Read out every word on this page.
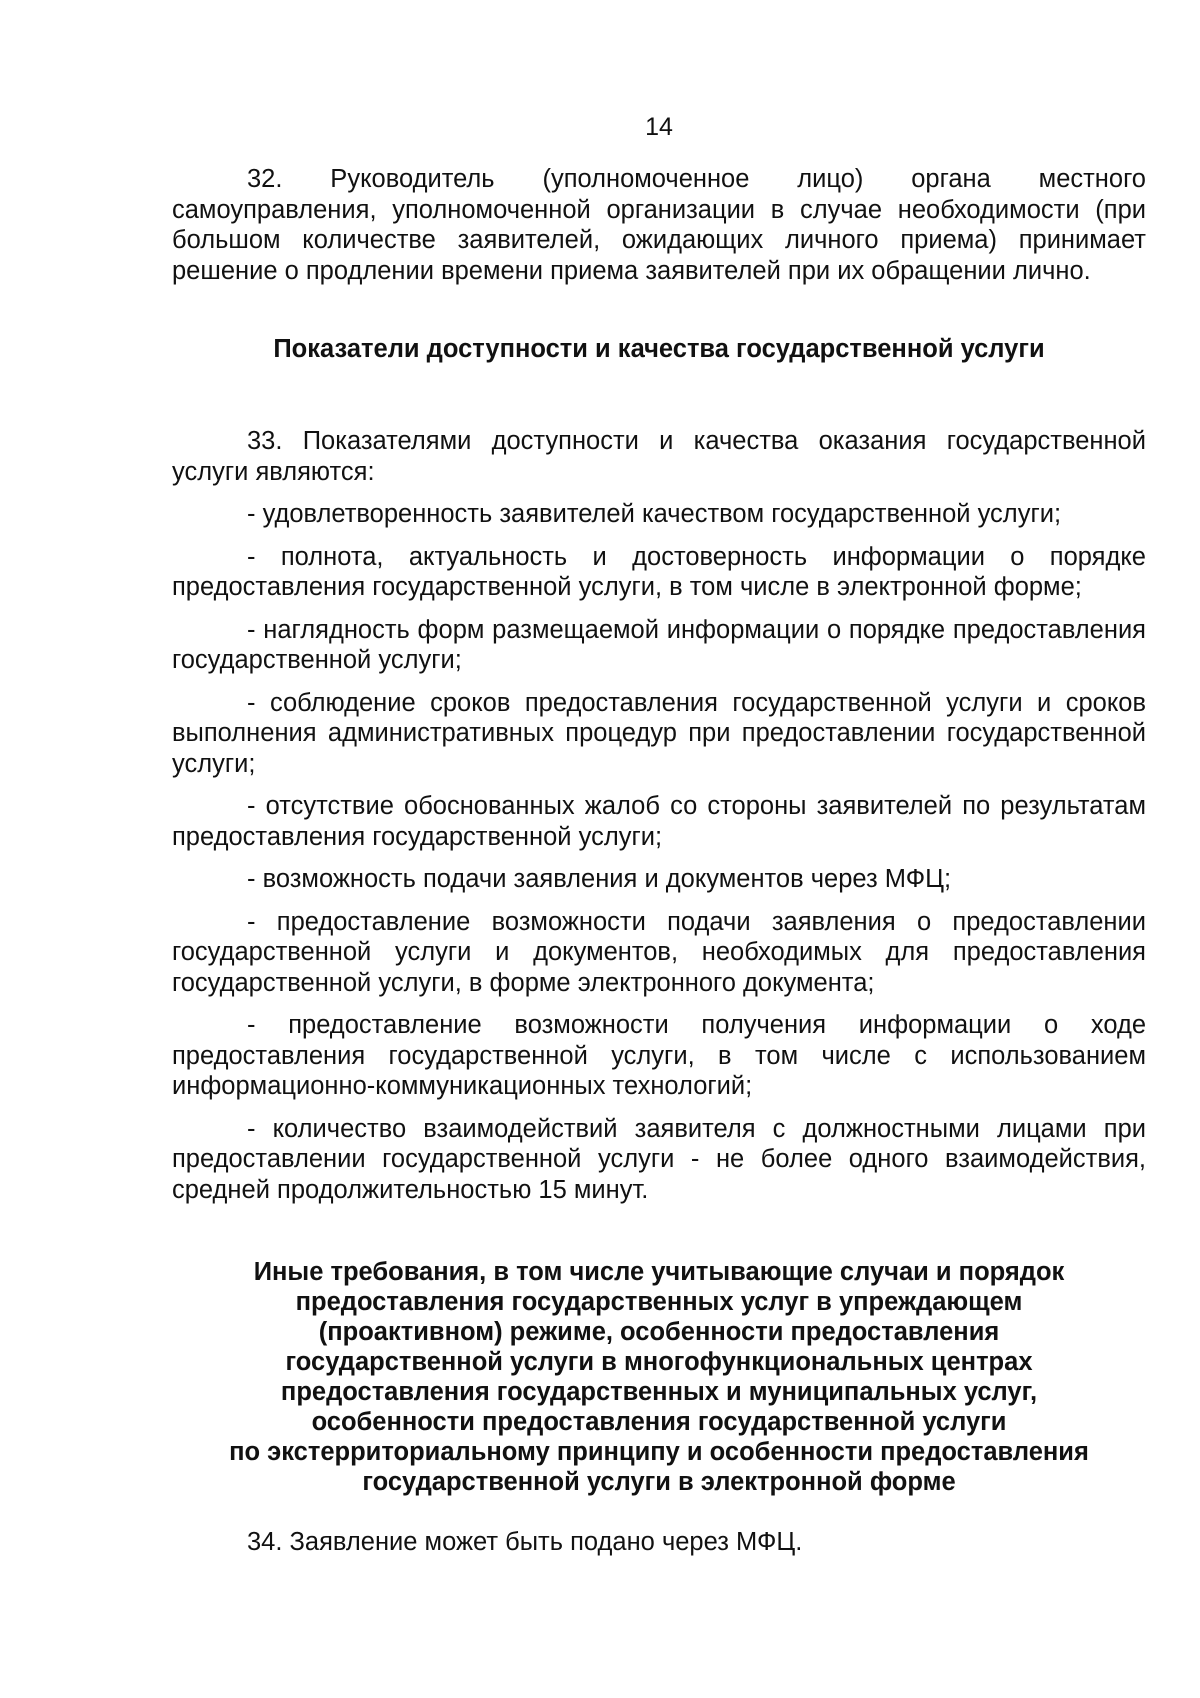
14

32. Руководитель (уполномоченное лицо) органа местного самоуправления, уполномоченной организации в случае необходимости (при большом количестве заявителей, ожидающих личного приема) принимает решение о продлении времени приема заявителей при их обращении лично.

Показатели доступности и качества государственной услуги

33. Показателями доступности и качества оказания государственной услуги являются:

- удовлетворенность заявителей качеством государственной услуги;
- полнота, актуальность и достоверность информации о порядке предоставления государственной услуги, в том числе в электронной форме;
- наглядность форм размещаемой информации о порядке предоставления государственной услуги;
- соблюдение сроков предоставления государственной услуги и сроков выполнения административных процедур при предоставлении государственной услуги;
- отсутствие обоснованных жалоб со стороны заявителей по результатам предоставления государственной услуги;
- возможность подачи заявления и документов через МФЦ;
- предоставление возможности подачи заявления о предоставлении государственной услуги и документов, необходимых для предоставления государственной услуги, в форме электронного документа;
- предоставление возможности получения информации о ходе предоставления государственной услуги, в том числе с использованием информационно-коммуникационных технологий;
- количество взаимодействий заявителя с должностными лицами при предоставлении государственной услуги - не более одного взаимодействия, средней продолжительностью 15 минут.
Иные требования, в том числе учитывающие случаи и порядок
предоставления государственных услуг в упреждающем
(проактивном) режиме, особенности предоставления
государственной услуги в многофункциональных центрах
предоставления государственных и муниципальных услуг,
особенности предоставления государственной услуги
по экстерриториальному принципу и особенности предоставления
государственной услуги в электронной форме

34. Заявление может быть подано через МФЦ.
